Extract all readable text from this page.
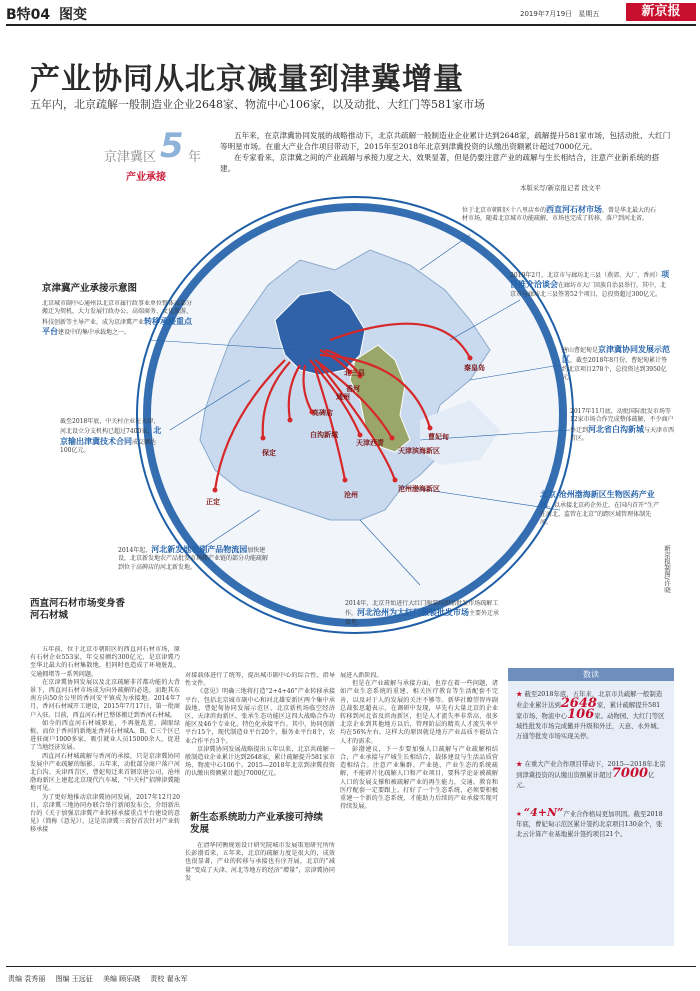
B特04 图变	2019年7月19日 星期五	新京报
产业协同从北京减量到津冀增量
五年内，北京疏解一般制造业企业2648家、物流中心106家，以及动批、大红门等581家市场
京津冀区 5 年
产业承接

五年来，在京津冀协同发展的战略推动下，北京共疏解一般制造业企业累计达到2648家，疏解提升581家市场，包括动批、大红门等明星市场。在重大产业合作项目带动下，2015年至2018年北京到津冀投资的认缴出资额累计超过7000亿元。

在专家看来，京津冀之间的产业疏解与承接力度之大、效果显著，但是仍要注意产业的疏解与生长相结合，注意产业新系统的搭建。

本版采写/新京报记者 段文平
京津冀产业承接示意图
北三县
香河
通州
秦皇岛
高碑店
白沟新城
保定
天津西青
天津滨海新区
曹妃甸
沧州
沧州渤海新区
正定
位于北京市朝阳区十八里店乡的西直河石材市场，曾是华北最大的石材市场，随着北京城市功能疏解，市场也完成了转移，落户到河北省。
2019年2月，北京市与廊坊北三县（燕郊、大厂、香河）项目推介洽谈会在廊坊市大厂回族自治县举行，其中，北京市与廊坊北三县签署52个项目，总投资超过300亿元。
唐山曹妃甸是京津冀协同发展示范区，截至2018年8月份，曹妃甸累计签约北京项目278个，总投资达到3950亿元。
2017年11月底，动批国际批发市场等12家市场合作完成整体疏解，不少商户外迁到河北省白沟新城与天津市西青区。
北京·沧州渤海新区生物医药产业园，以承接北京药企外迁，在国内首开“生产在河北、监管在北京”的跨区域管理体制先河。
北京城市副中心通州以北京市属行政事业单位整体或部分搬迁为契机，大力发展行政办公、高端商务、文化旅游、科技创新等主导产业，成为京津冀产业转移承接重点平台建设中的集中承载地之一。
截至2018年底，中关村企业在天津、河北设立分支机构已超过7400家，北京输出津冀技术合同成交额达100亿元。
2014年起，河北新发地农副产品物流园加快建设，北京新发地农产品批发市场将产业链的部分功能疏解到位于高碑店的河北新发地。
2014年，北京开始进行大红门服装纺织品批发市场疏解工作，河北沧州为大红门服装批发市场主要外迁承接地。
新京报制图/许晓
西直河石材市场变身香河石材城

五年前，位于北京市朝阳区的西直河石材市场，原有石材企业553家，年交易额约300亿元，是京津冀乃至华北最大的石材集散地，但同时也造成了环境脏乱、交通拥堵等一系列问题。

在京津冀协同发展以及北京疏解非首都功能的大背景下，西直河石材市场成为向外疏解的必选，而距其东南方向50余公里的香河安平镇成为承接地。2014年7月，香河石材城开工建设，2015年7月17日，第一批商户入驻。目前，西直河石材已整体搬迁到香河石材城。

如今的西直河石材城原址，不再脏乱差，满眼绿植，而位于香河的新地址香河石材城A、B、C三个区已进驻商户1000多家，吸引就业人员15000余人，促进了当地经济发展。

西直河石材城疏解与香河的承接，只是京津冀协同发展中产业疏解的缩影。五年来，动批部分商户落户河北白沟、天津西青区，曹妃甸迁来首钢京唐公司，沧州渤海新区上建起北京现代汽车城，“中关村”招牌津冀随地可见。

为了更好地推动京津冀协同发展，2017年12月20日，京津冀三地协同办联合举行新闻发布会，介绍新出台的《关于加强京津冀产业转移承接重点平台建设的意见》（简称《意见》），这是京津冀三省份首次针对产业转移承接

对接载体进行了统筹，提出城市副中心的综合性、指导性文件。

《意见》明确三地将打造“2+4+46”产业转移承接平台，包括北京城市副中心和河北雄安新区两个集中承载地，曹妃甸协同发展示范区、北京新机场临空经济区、天津滨海新区、张承生态功能区这四大战略合作功能区及46个专业化、特色化承接平台。其中，协同创新平台15个，现代制造业平台20个，服务业平台8个，农业合作平台3个。

京津冀协同发展战略提出五年以来，北京共疏解一般制造业企业累计达到2648家，累计疏解提升581家市场、物流中心106个。2015—2018年北京到津冀投资的认缴出资额累计超过7000亿元。

新生态系统助力产业承接可持续发展

在清华同衡规划设计研究院城市发展策划研究所所长彭渤看来，五年来，北京的疏解力度是很大的，成效也很显著，产业的转移与承接也有序开展，北京的“减量”变成了天津、河北等地方的经济“增量”，京津冀协同发

展进入新阶段。

但是在产业疏解与承接方面，也存在着一些问题，诸如产业生态系统的重建、相关医疗教育等生活配套不完善，以及对于人的发展的关注不够等。新华社瞭望智库副总裁张思超表示，在调研中发现，早先有大量北京的企业转移到河北省及滨海新区，但是人才流失率非常高，很多北京企业到其他地方以后，管理阶层的精英人才流失率平均在56%左右。这样大的原因就是地方产业品质不能结合人才的需求。

彭渤建议，下一步要加强人口疏解与产业疏解相结合，产业承接与产城生长相结合，载体建设与生活品质营造相结合。注意产业集群、产业链、产业生态的系统疏解，不能碎片化疏解人口和产业项目，要科学论证被疏解人口的发展支撑和被疏解产业的再生能力，交通、教育和医疗配套一定要跟上。打好了一个生态系统，必须要积极重建一个新的生态系统，才能助力后续的产业承接实现可持续发展。

数读

★ 截至2018年底，五年来，北京市共疏解一般制造业企业累计达到2648家，累计疏解提升581家市场、物流中心106家。动物园、大红门等区域性批发市场完成撤并升级和外迁，天意、永外城、万通等批发市场实现关停。

★ 在重大产业合作项目带动下，2015—2018年北京到津冀投资的认缴出资额累计超过7000亿元。

★ “4+N”产业合作格局更加巩固。截至2018年底，曹妃甸示范区累计签约北京项目130余个，张北云计算产业基地累计签约项目21个。

责编 袁秀丽 图编 王远征 美编 顾乐晓 责校 翟永军
